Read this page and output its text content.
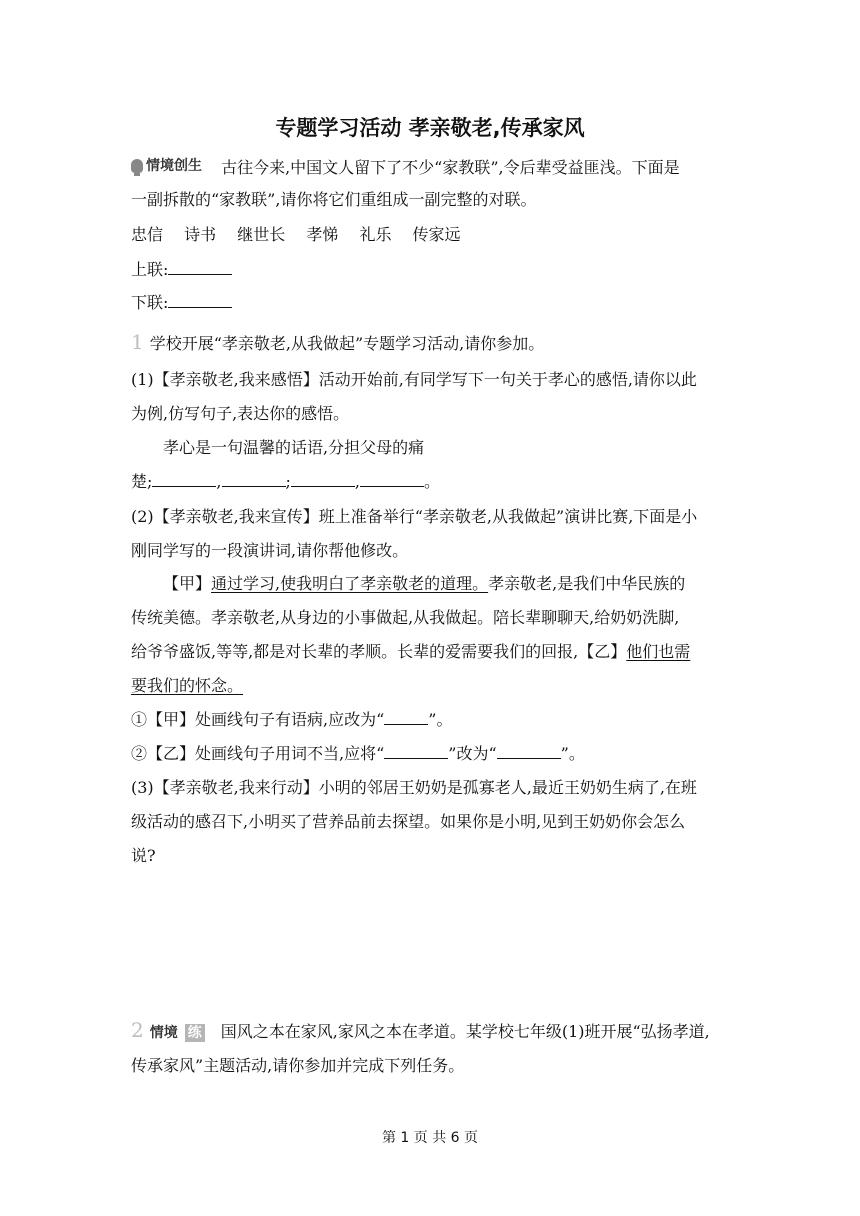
专题学习活动 孝亲敬老,传承家风
情境创生 古往今来,中国文人留下了不少“家教联”,令后辈受益匪浅。下面是
一副拆散的“家教联”,请你将它们重组成一副完整的对联。
忠信 诗书 继世长 孝悌 礼乐 传家远
上联:
下联:
1 学校开展“孝亲敬老,从我做起”专题学习活动,请你参加。
(1)【孝亲敬老,我来感悟】活动开始前,有同学写下一句关于孝心的感悟,请你以此
为例,仿写句子,表达你的感悟。
孝心是一句温馨的话语,分担父母的痛
楚;	,	;	,	。
(2)【孝亲敬老,我来宣传】班上准备举行“孝亲敬老,从我做起”演讲比赛,下面是小
刚同学写的一段演讲词,请你帮他修改。
【甲】通过学习,使我明白了孝亲敬老的道理。孝亲敬老,是我们中华民族的
传统美德。孝亲敬老,从身边的小事做起,从我做起。陪长辈聊聊天,给奶奶洗脚,
给爷爷盛饭,等等,都是对长辈的孝顺。长辈的爱需要我们的回报,【乙】他们也需
要我们的怀念。
①【甲】处画线句子有语病,应改为“	”。
②【乙】处画线句子用词不当,应将“	”改为“	”。
(3)【孝亲敬老,我来行动】小明的邻居王奶奶是孤寡老人,最近王奶奶生病了,在班
级活动的感召下,小明买了营养品前去探望。如果你是小明,见到王奶奶你会怎么
说?
2 情境 练 国风之本在家风,家风之本在孝道。某学校七年级(1)班开展“弘扬孝道,
传承家风”主题活动,请你参加并完成下列任务。
第 1 页 共 6 页
